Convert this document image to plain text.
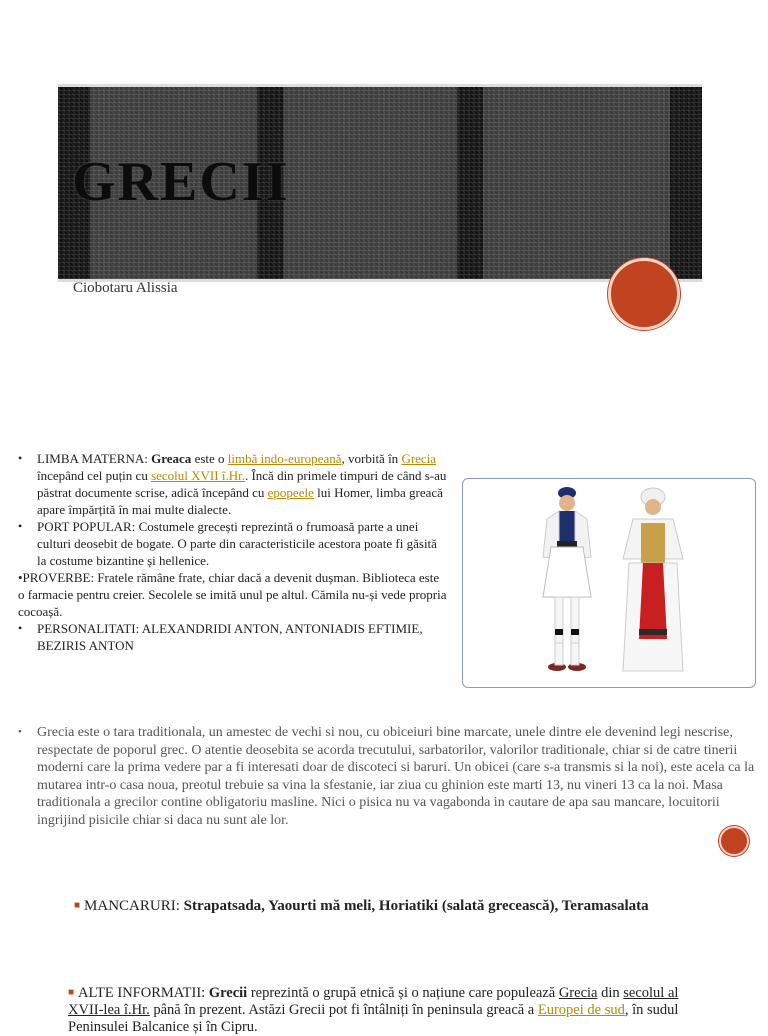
GRECII
Ciobotaru Alissia
• LIMBA MATERNA: Greaca este o limbă indo-europeană, vorbită în Grecia începând cel puțin cu secolul XVII î.Hr.. Încă din primele timpuri de când s-au păstrat documente scrise, adică începând cu epopeele lui Homer, limba greacă apare împărțită în mai multe dialecte.
• PORT POPULAR: Costumele grecești reprezintă o frumoasă parte a unei culturi deosebit de bogate. O parte din caracteristicile acestora poate fi găsită la costume bizantine și hellenice.
•PROVERBE: Fratele rămâne frate, chiar dacă a devenit dușman. Biblioteca este o farmacie pentru creier. Secolele se imită unul pe altul. Cămila nu-și vede propria cocoașă.
• PERSONALITATI: ALEXANDRIDI ANTON, ANTONIADIS EFTIMIE, BEZIRIS ANTON
• Grecia este o tara traditionala, un amestec de vechi si nou, cu obiceiuri bine marcate, unele dintre ele devenind legi nescrise, respectate de poporul grec. O atentie deosebita se acorda trecutului, sarbatorilor, valorilor traditionale, chiar si de catre tinerii moderni care la prima vedere par a fi interesati doar de discoteci si baruri. Un obicei (care s-a transmis si la noi), este acela ca la mutarea intr-o casa noua, preotul trebuie sa vina la sfestanie, iar ziua cu ghinion este marti 13, nu vineri 13 ca la noi. Masa traditionala a grecilor contine obligatoriu masline. Nici o pisica nu va vagabonda in cautare de apa sau mancare, locuitorii ingrijind pisicile chiar si daca nu sunt ale lor.
■ MANCARURI: Strapatsada, Yaourti mă meli, Horiatiki (salată grecească), Teramasalata
■ ALTE INFORMATII: Grecii reprezintă o grupă etnică și o națiune care populează Grecia din secolul al XVII-lea î.Hr. până în prezent. Astăzi Grecii pot fi întâlniți în peninsula greacă a Europei de sud, în sudul Peninsulei Balcanice și în Cipru.
